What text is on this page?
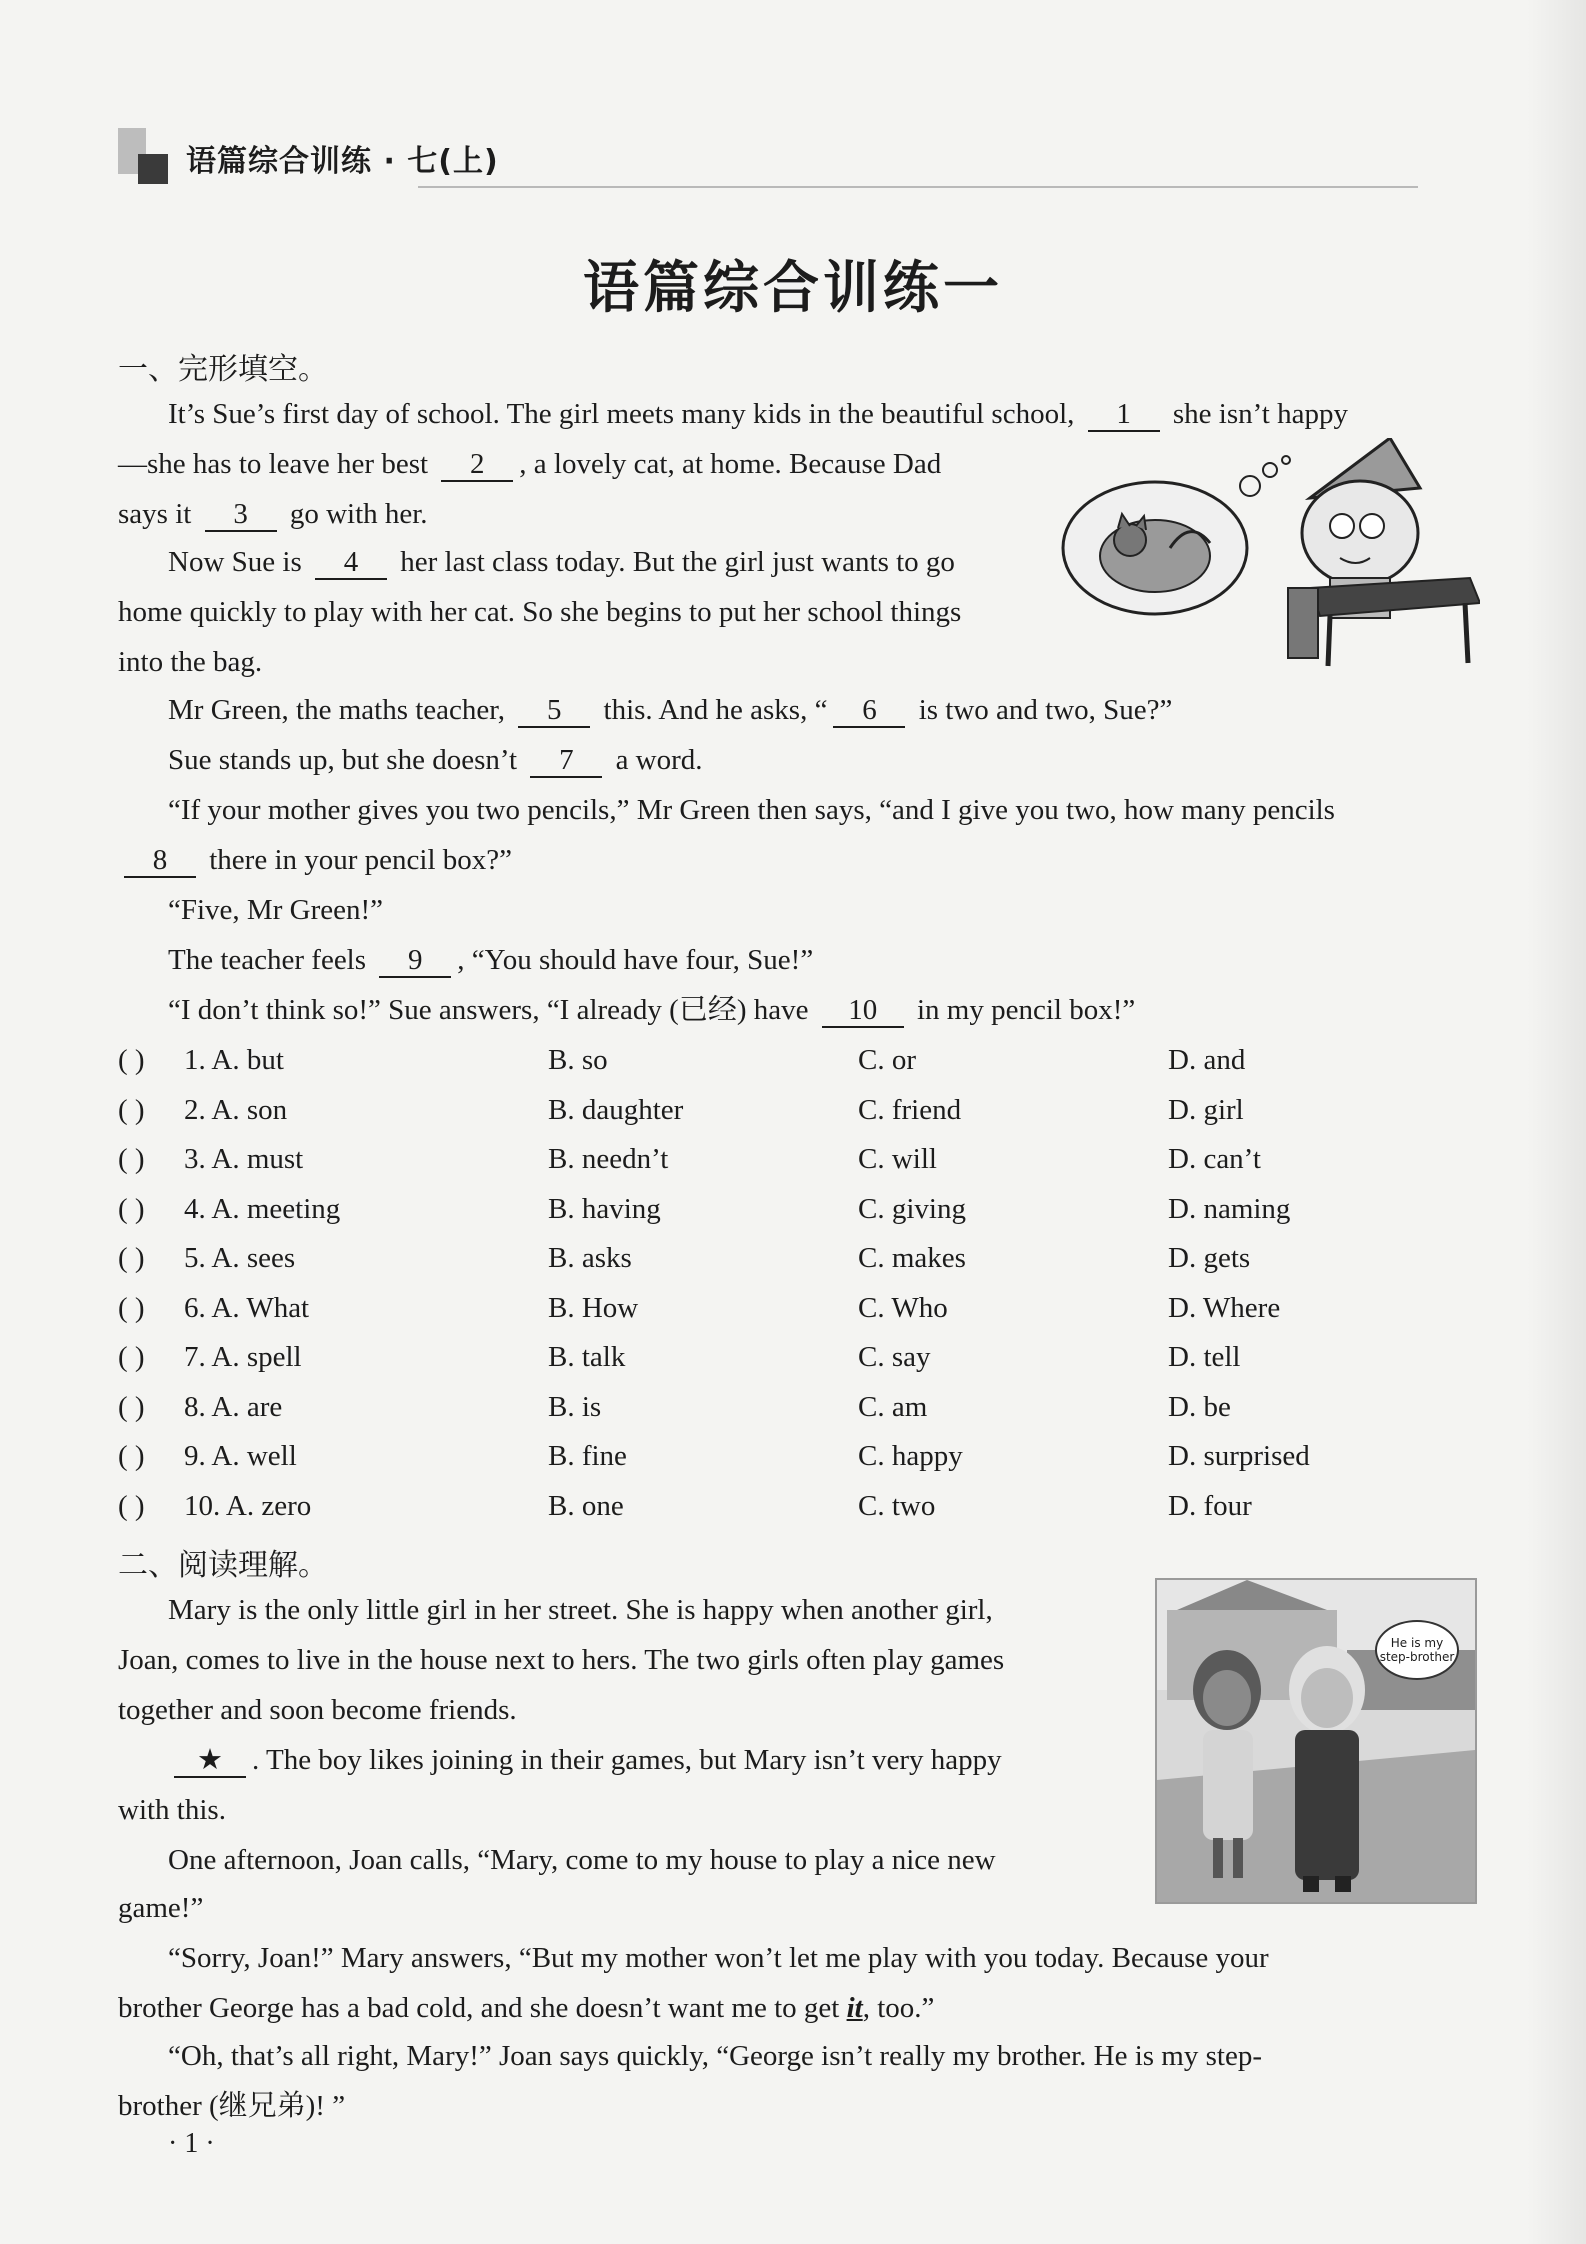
语篇综合训练 · 七(上)
语篇综合训练一
一、完形填空。
It’s Sue’s first day of school. The girl meets many kids in the beautiful school, 1 she isn’t happy
—she has to leave her best 2 , a lovely cat, at home. Because Dad
says it 3 go with her.
Now Sue is 4 her last class today. But the girl just wants to go
home quickly to play with her cat. So she begins to put her school things
into the bag.
Mr Green, the maths teacher, 5 this. And he asks, “ 6 is two and two, Sue?”
Sue stands up, but she doesn’t 7 a word.
“If your mother gives you two pencils,” Mr Green then says, “and I give you two, how many pencils
8 there in your pencil box?”
“Five, Mr Green!”
The teacher feels 9 , “You should have four, Sue!”
“I don’t think so!” Sue answers, “I already (已经) have 10 in my pencil box!”
( ) 1. A. but	B. so	C. or	D. and
( ) 2. A. son	B. daughter	C. friend	D. girl
( ) 3. A. must	B. needn’t	C. will	D. can’t
( ) 4. A. meeting	B. having	C. giving	D. naming
( ) 5. A. sees	B. asks	C. makes	D. gets
( ) 6. A. What	B. How	C. Who	D. Where
( ) 7. A. spell	B. talk	C. say	D. tell
( ) 8. A. are	B. is	C. am	D. be
( ) 9. A. well	B. fine	C. happy	D. surprised
( ) 10. A. zero	B. one	C. two	D. four
二、阅读理解。
Mary is the only little girl in her street. She is happy when another girl,
Joan, comes to live in the house next to hers. The two girls often play games
together and soon become friends.
★ . The boy likes joining in their games, but Mary isn’t very happy
with this.
One afternoon, Joan calls, “Mary, come to my house to play a nice new
game!”
“Sorry, Joan!” Mary answers, “But my mother won’t let me play with you today. Because your
brother George has a bad cold, and she doesn’t want me to get it, too.”
“Oh, that’s all right, Mary!” Joan says quickly, “George isn’t really my brother. He is my step-
brother (继兄弟)! ”
He is my step-brother
· 1 ·
